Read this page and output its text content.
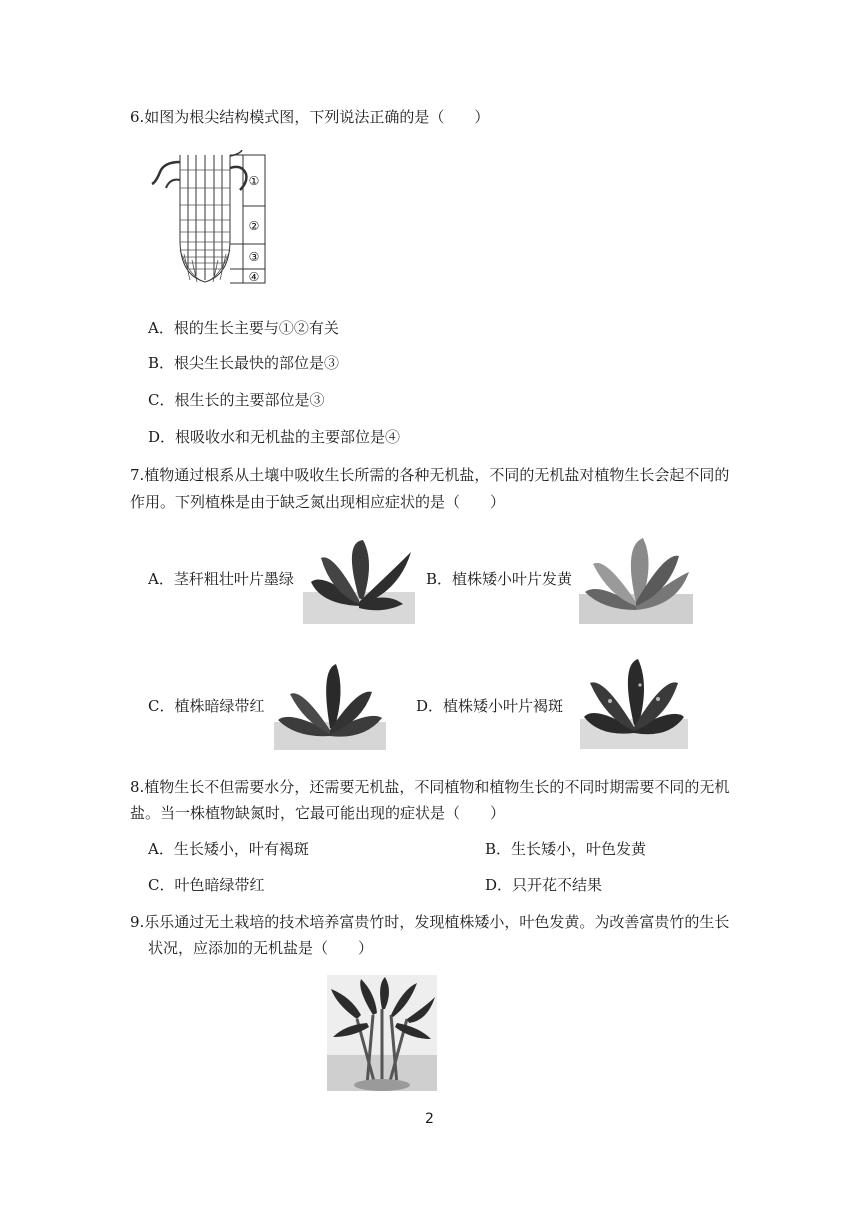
6.如图为根尖结构模式图，下列说法正确的是（　　）
①
②
③
④
A．根的生长主要与①②有关
B．根尖生长最快的部位是③
C．根生长的主要部位是③
D．根吸收水和无机盐的主要部位是④
7.植物通过根系从土壤中吸收生长所需的各种无机盐，不同的无机盐对植物生长会起不同的
作用。下列植株是由于缺乏氮出现相应症状的是（　　）
A．茎秆粗壮叶片墨绿	B．植株矮小叶片发黄
C．植株暗绿带红	D．植株矮小叶片褐斑
8.植物生长不但需要水分，还需要无机盐，不同植物和植物生长的不同时期需要不同的无机
盐。当一株植物缺氮时，它最可能出现的症状是（　　）
A．生长矮小，叶有褐斑	B．生长矮小，叶色发黄
C．叶色暗绿带红	D．只开花不结果
9.乐乐通过无土栽培的技术培养富贵竹时，发现植株矮小，叶色发黄。为改善富贵竹的生长
状况，应添加的无机盐是（　　）
2
